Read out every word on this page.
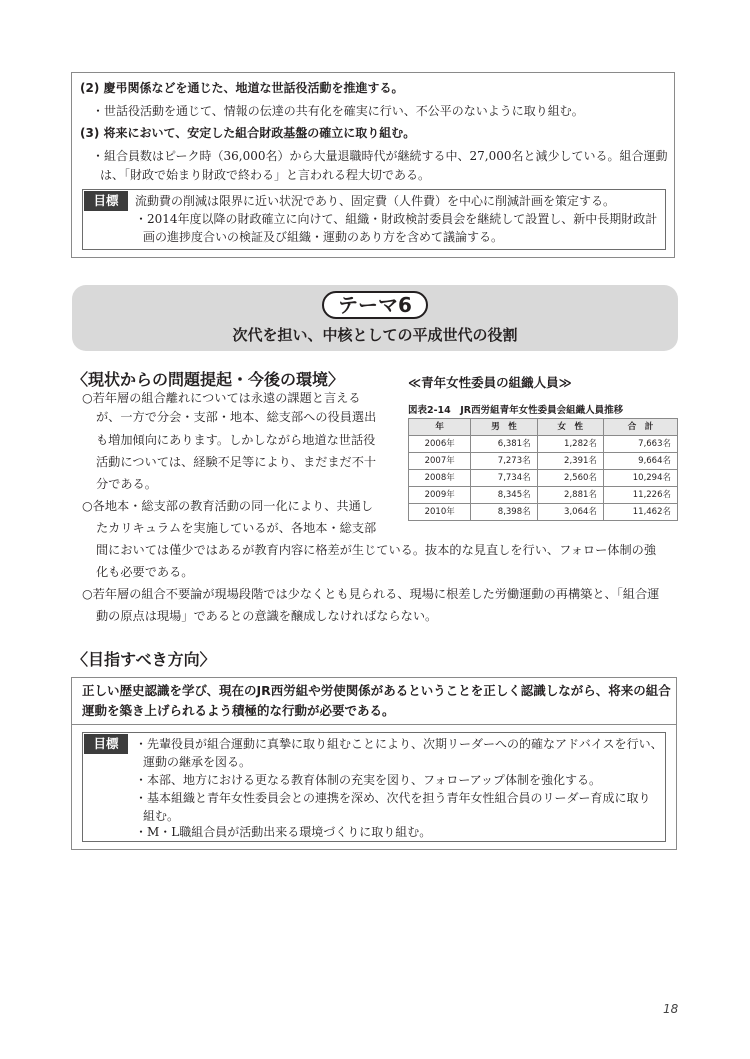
(2) 慶弔関係などを通じた、地道な世話役活動を推進する。
・世話役活動を通じて、情報の伝達の共有化を確実に行い、不公平のないように取り組む。
(3) 将来において、安定した組合財政基盤の確立に取り組む。
・組合員数はピーク時（36,000名）から大量退職時代が継続する中、27,000名と減少している。組合運動
は、「財政で始まり財政で終わる」と言われる程大切である。
目標	流動費の削減は限界に近い状況であり、固定費（人件費）を中心に削減計画を策定する。
・2014年度以降の財政確立に向けて、組織・財政検討委員会を継続して設置し、新中長期財政計
画の進捗度合いの検証及び組織・運動のあり方を含めて議論する。
テーマ6
次代を担い、中核としての平成世代の役割
〈現状からの問題提起・今後の環境〉
○若年層の組合離れについては永遠の課題と言える
が、一方で分会・支部・地本、総支部への役員選出
も増加傾向にあります。しかしながら地道な世話役
活動については、経験不足等により、まだまだ不十
分である。
○各地本・総支部の教育活動の同一化により、共通し
たカリキュラムを実施しているが、各地本・総支部
間においては僅少ではあるが教育内容に格差が生じている。抜本的な見直しを行い、フォロー体制の強
化も必要である。
○若年層の組合不要論が現場段階では少なくとも見られる、現場に根差した労働運動の再構築と、「組合運
動の原点は現場」であるとの意識を醸成しなければならない。
≪青年女性委員の組織人員≫
図表2-14　JR西労組青年女性委員会組織人員推移
年	男　性	女　性	合　計
2006年	6,381名	1,282名	7,663名
2007年	7,273名	2,391名	9,664名
2008年	7,734名	2,560名	10,294名
2009年	8,345名	2,881名	11,226名
2010年	8,398名	3,064名	11,462名
〈目指すべき方向〉
正しい歴史認識を学び、現在のJR西労組や労使関係があるということを正しく認識しながら、将来の組合
運動を築き上げられるよう積極的な行動が必要である。
目標	・先輩役員が組合運動に真摯に取り組むことにより、次期リーダーへの的確なアドバイスを行い、
運動の継承を図る。
・本部、地方における更なる教育体制の充実を図り、フォローアップ体制を強化する。
・基本組織と青年女性委員会との連携を深め、次代を担う青年女性組合員のリーダー育成に取り
組む。
・M・L職組合員が活動出来る環境づくりに取り組む。
18
